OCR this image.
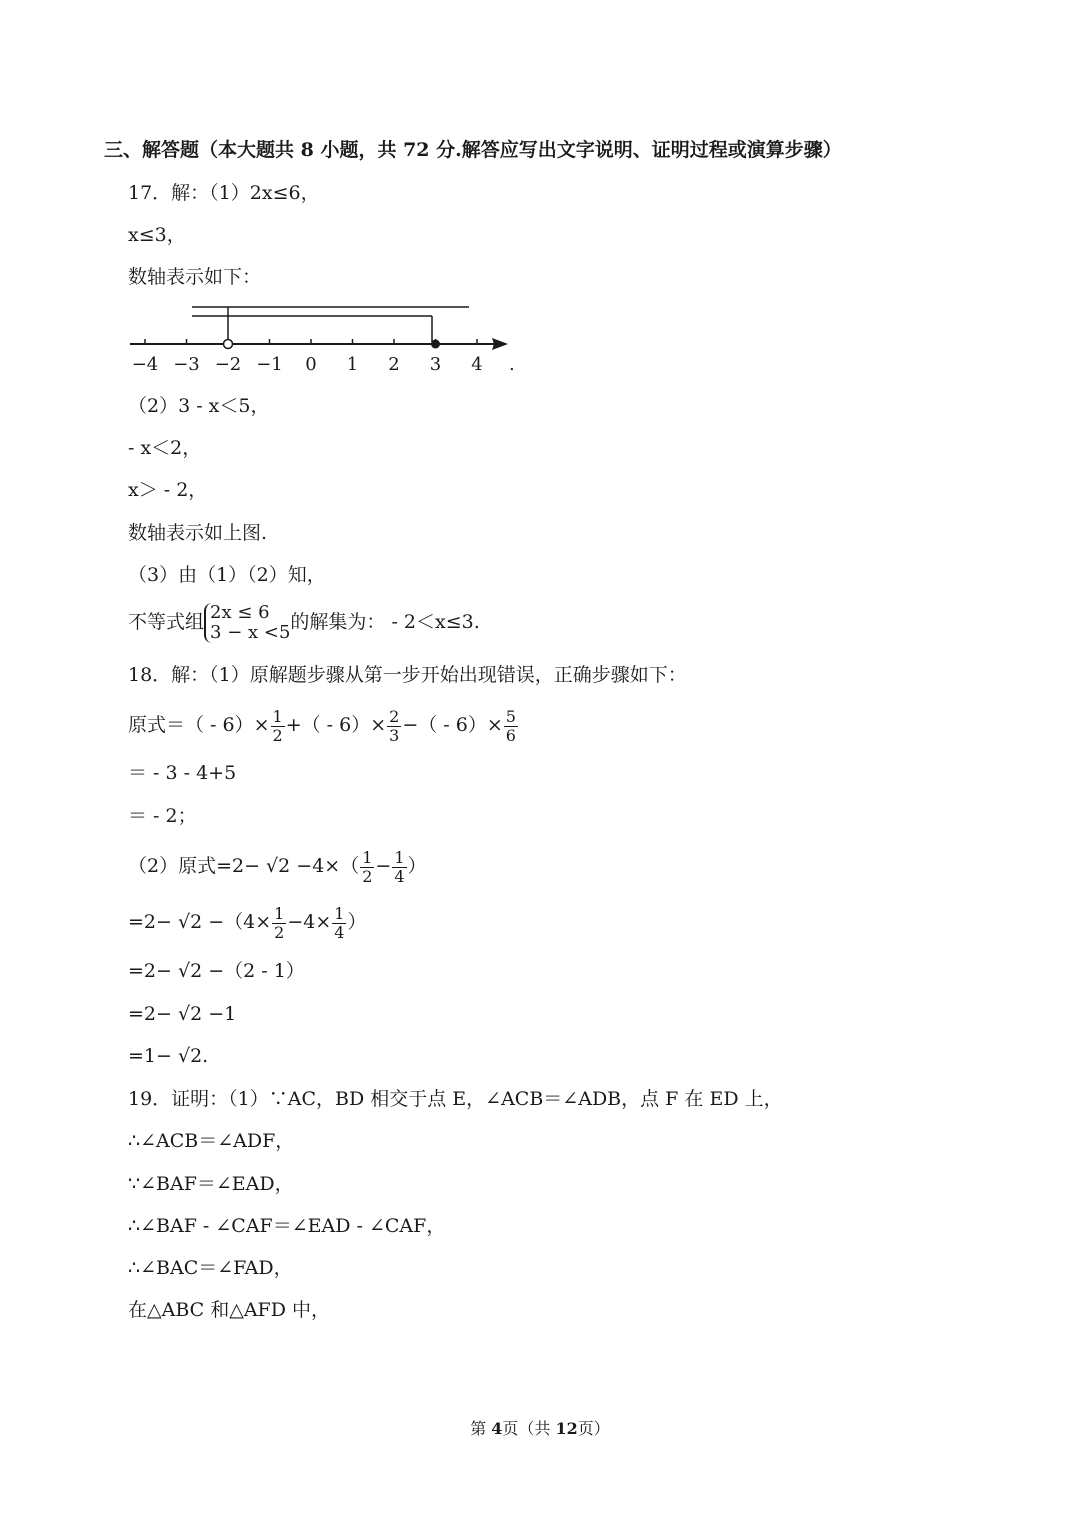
三、解答题（本大题共 8 小题，共 72 分.解答应写出文字说明、证明过程或演算步骤）
17．解：（1）2x≤6，
x≤3，
数轴表示如下：
−4 −3 −2 −1 0 1 2 3 4 .
（2）3 - x＜5，
- x＜2，
x＞ - 2，
数轴表示如上图.
（3）由（1）（2）知，
不等式组 2x ≤ 6
3 − x <5 的解集为： - 2＜x≤3.
18．解：（1）原解题步骤从第一步开始出现错误，正确步骤如下：
原式＝（ - $6)\times \frac{1}{2}$ +（ - $6)\times \frac{2}{3}$ −（ - $6)\times \frac{5}{6}$
＝ - 3 - 4+5
＝ - 2；
（2）原式$=2- √2 -4\times( \frac{1}{2} - \frac{1}{4}$ ）
$=2- √2 -(4\times \frac{1}{2} -4\times \frac{1}{4}$ ）
=2− √2 −（2 - 1）
=2− √2 −1
=1− √2.
19．证明：（1）∵AC，BD 相交于点 E，∠ACB＝∠ADB，点 F 在 ED 上，
∴∠ACB＝∠ADF，
∵∠BAF＝∠EAD，
∴∠BAF - ∠CAF＝∠EAD - ∠CAF，
∴∠BAC＝∠FAD，
在△ABC 和△AFD 中，
第 4页（共 12页）
